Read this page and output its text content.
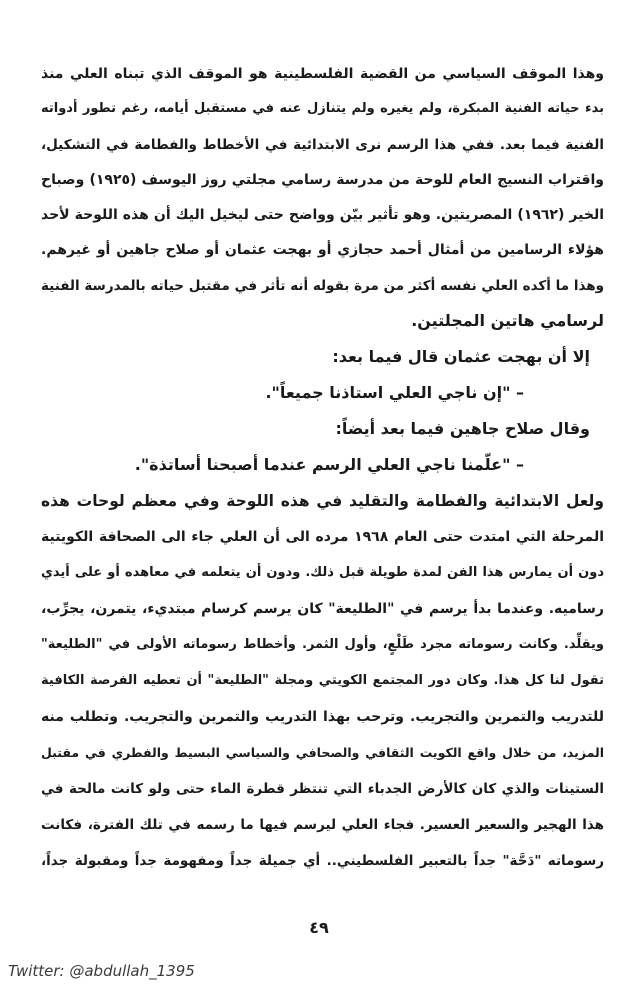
وهذا الموقف السياسي من القضية الفلسطينية هو الموقف الذي تبناه العلي منذ
بدء حياته الفنية المبكرة، ولم يغيره ولم يتنازل عنه في مستقبل أيامه، رغم تطور أدواته
الفنية فيما بعد. ففي هذا الرسم نرى الابتدائية في الأخطاط والفطامة في التشكيل،
واقتراب النسيج العام للوحة من مدرسة رسامي مجلتي روز اليوسف (١٩٢٥) وصباح
الخير (١٩٦٢) المصريتين. وهو تأثير بيّن وواضح حتى ليخيل اليك أن هذه اللوحة لأحد
هؤلاء الرسامين من أمثال أحمد حجازي أو بهجت عثمان أو صلاح جاهين أو غيرهم.
وهذا ما أكده العلي نفسه أكثر من مرة بقوله أنه تأثر في مقتبل حياته بالمدرسة الفنية
لرسامي هاتين المجلتين.
إلا أن بهجت عثمان قال فيما بعد:
– "إن ناجي العلي استاذنا جميعاً".
وقال صلاح جاهين فيما بعد أيضاً:
– "علّمنا ناجي العلي الرسم عندما أصبحنا أساتذة".
ولعل الابتدائية والفطامة والتقليد في هذه اللوحة وفي معظم لوحات هذه
المرحلة التي امتدت حتى العام ١٩٦٨ مرده الى أن العلي جاء الى الصحافة الكويتية
دون أن يمارس هذا الفن لمدة طويلة قبل ذلك. ودون أن يتعلمه في معاهده أو على أيدي
رساميه. وعندما بدأ يرسم في "الطليعة" كان يرسم كرسام مبتديء، يتمرن، يجرِّب،
ويقلِّد. وكانت رسوماته مجرد طَلْعٍ، وأول الثمر. وأخطاط رسوماته الأولى في "الطليعة"
تقول لنا كل هذا. وكان دور المجتمع الكويتي ومجلة "الطليعة" أن تعطيه الفرصة الكافية
للتدريب والتمرين والتجريب. وترحب بهذا التدريب والتمرين والتجريب. وتطلب منه
المزيد، من خلال واقع الكويت الثقافي والصحافي والسياسي البسيط والفطري في مقتبل
الستينات والذي كان كالأرض الجدباء التي تنتظر قطرة الماء حتى ولو كانت مالحة في
هذا الهجير والسعير العسير. فجاء العلي ليرسم فيها ما رسمه في تلك الفترة، فكانت
رسوماته "دَحَّة" جداً بالتعبير الفلسطيني.. أي جميلة جداً ومفهومة جداً ومقبولة جداً،
٤٩
Twitter: @abdullah_1395
